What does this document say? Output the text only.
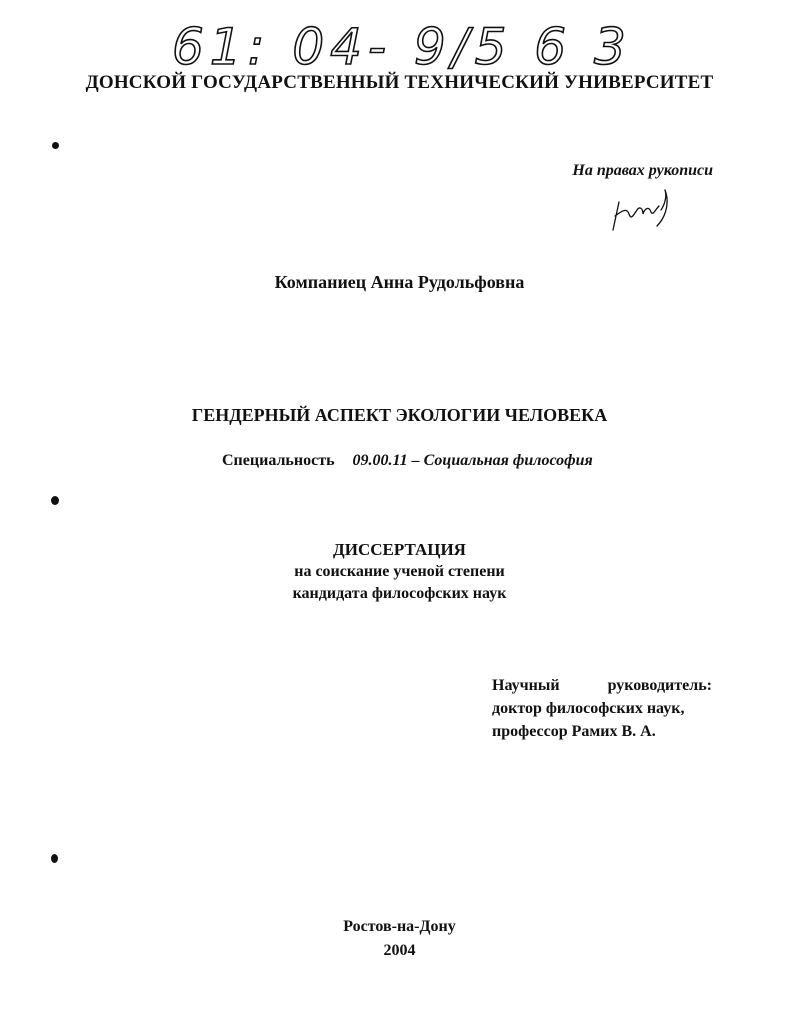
61: 04- 9/5 6 3
ДОНСКОЙ ГОСУДАРСТВЕННЫЙ ТЕХНИЧЕСКИЙ УНИВЕРСИТЕТ
На правах рукописи
Компаниец Анна Рудольфовна
ГЕНДЕРНЫЙ АСПЕКТ ЭКОЛОГИИ ЧЕЛОВЕКА
Специальность 09.00.11 – Социальная философия
ДИССЕРТАЦИЯ
на соискание ученой степени
кандидата философских наук
Научный	руководитель:
доктор философских наук,
профессор Рамих В. А.
Ростов-на-Дону
2004
